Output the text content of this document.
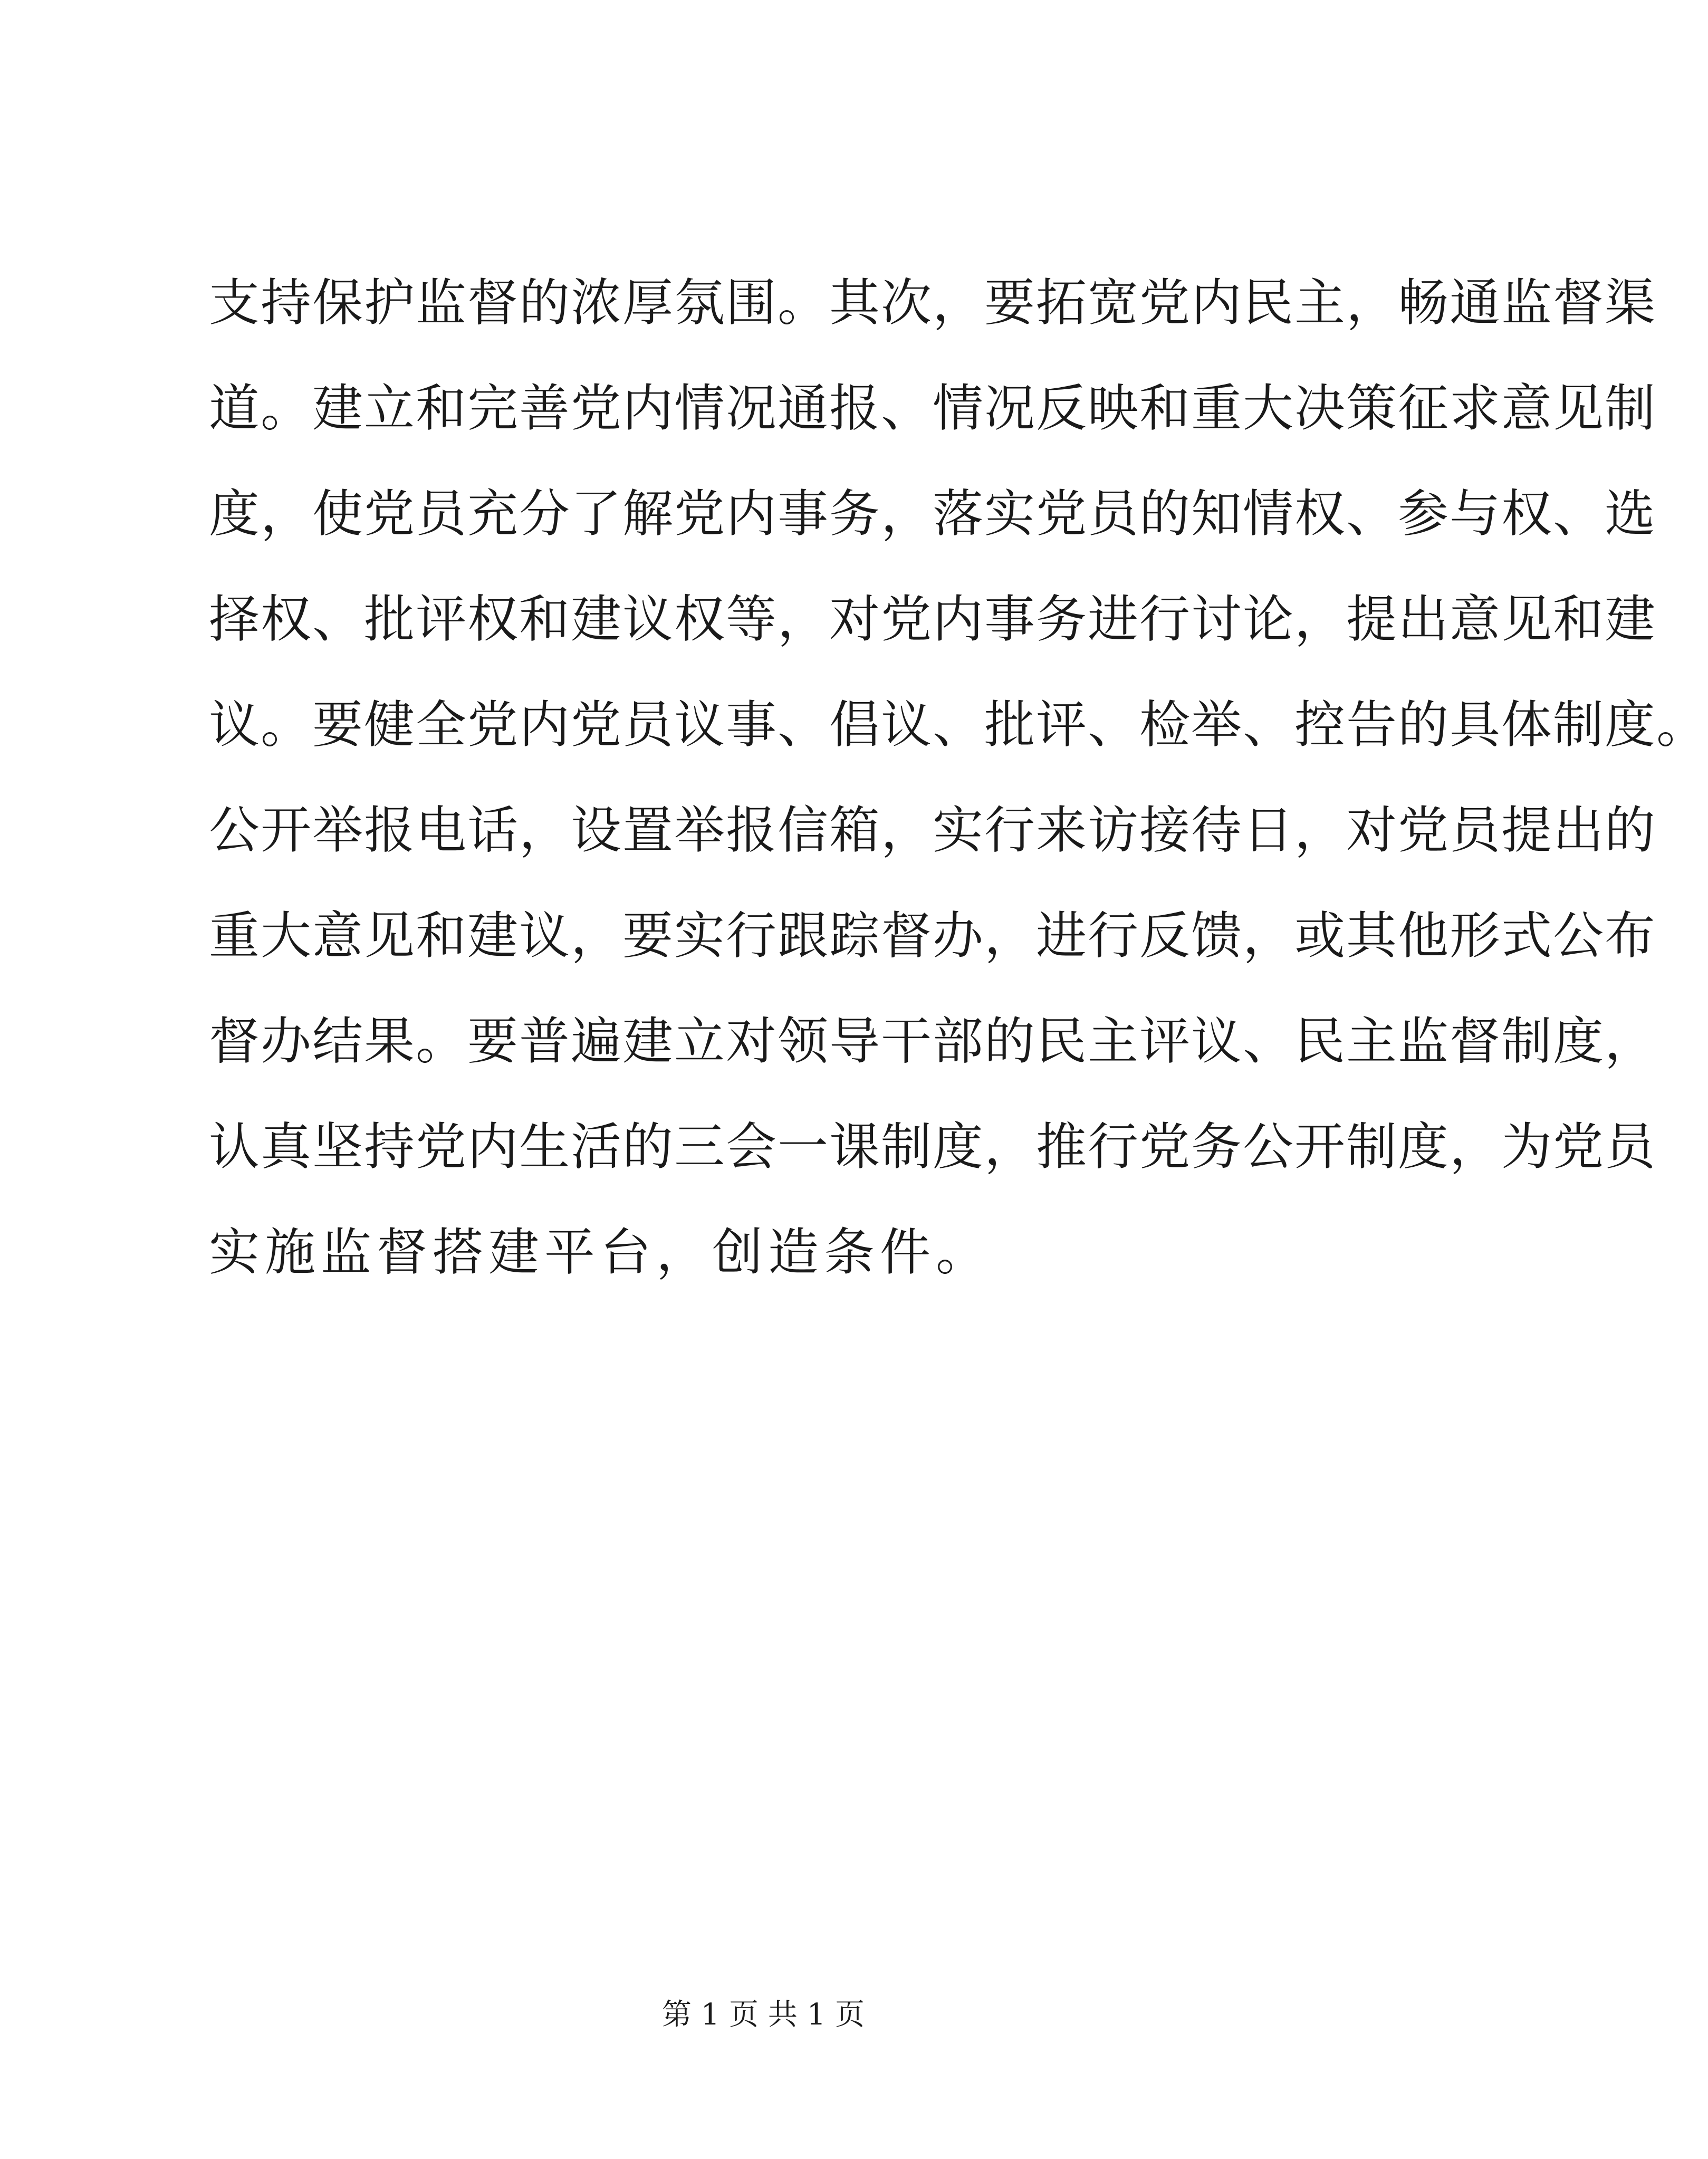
支持保护监督的浓厚氛围。其次，要拓宽党内民主，畅通监督渠
道。建立和完善党内情况通报、情况反映和重大决策征求意见制
度，使党员充分了解党内事务，落实党员的知情权、参与权、选
择权、批评权和建议权等，对党内事务进行讨论，提出意见和建
议。要健全党内党员议事、倡议、批评、检举、控告的具体制度。
公开举报电话，设置举报信箱，实行来访接待日，对党员提出的
重大意见和建议，要实行跟踪督办，进行反馈，或其他形式公布
督办结果。要普遍建立对领导干部的民主评议、民主监督制度，
认真坚持党内生活的三会一课制度，推行党务公开制度，为党员
实施监督搭建平台，创造条件。
第 1 页 共 1 页
